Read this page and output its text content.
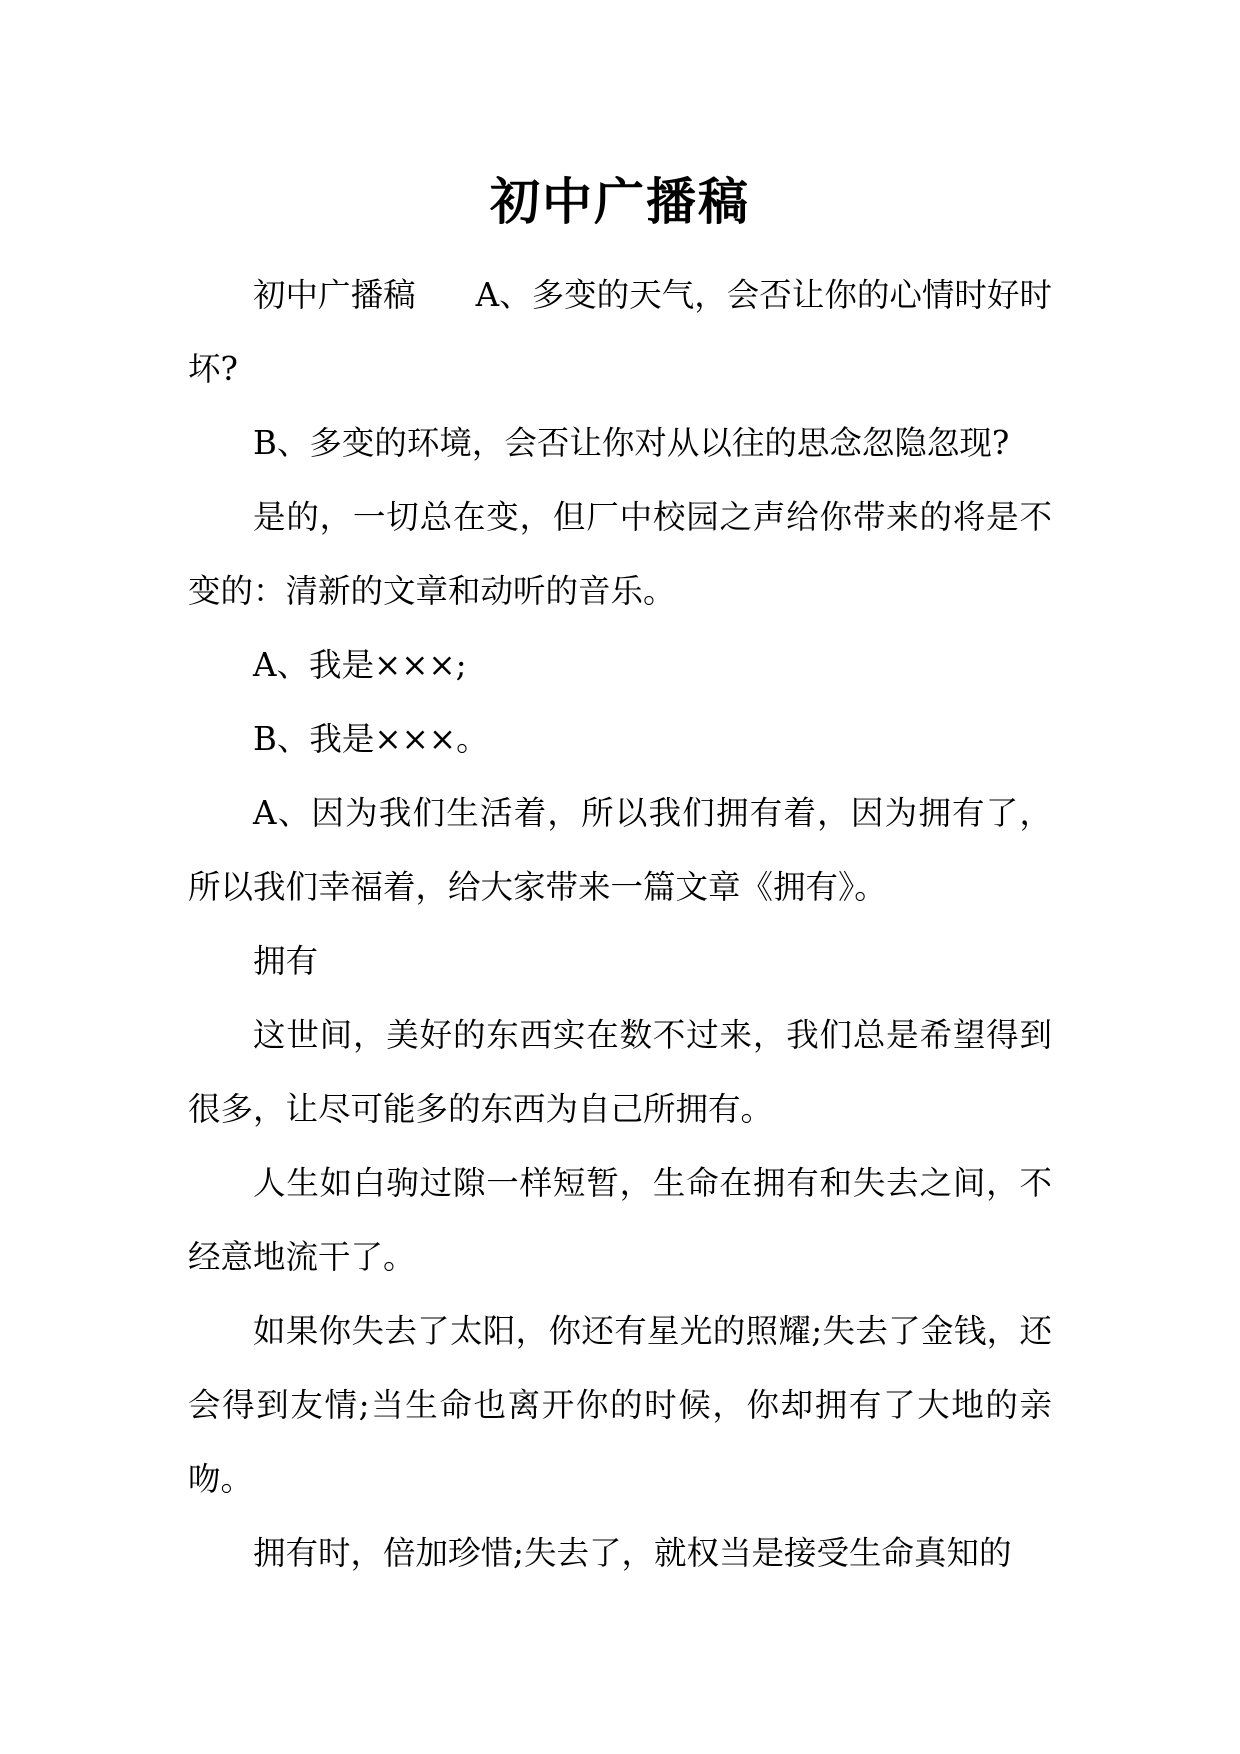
初中广播稿

初中广播稿 A、多变的天气，会否让你的心情时好时坏?

B、多变的环境，会否让你对从以往的思念忽隐忽现?

是的，一切总在变，但厂中校园之声给你带来的将是不变的：清新的文章和动听的音乐。

A、我是×××;

B、我是×××。

A、因为我们生活着，所以我们拥有着，因为拥有了，所以我们幸福着，给大家带来一篇文章《拥有》。

拥有

这世间，美好的东西实在数不过来，我们总是希望得到很多，让尽可能多的东西为自己所拥有。

人生如白驹过隙一样短暂，生命在拥有和失去之间，不经意地流干了。

如果你失去了太阳，你还有星光的照耀;失去了金钱，还会得到友情;当生命也离开你的时候，你却拥有了大地的亲吻。

拥有时，倍加珍惜;失去了，就权当是接受生命真知的
